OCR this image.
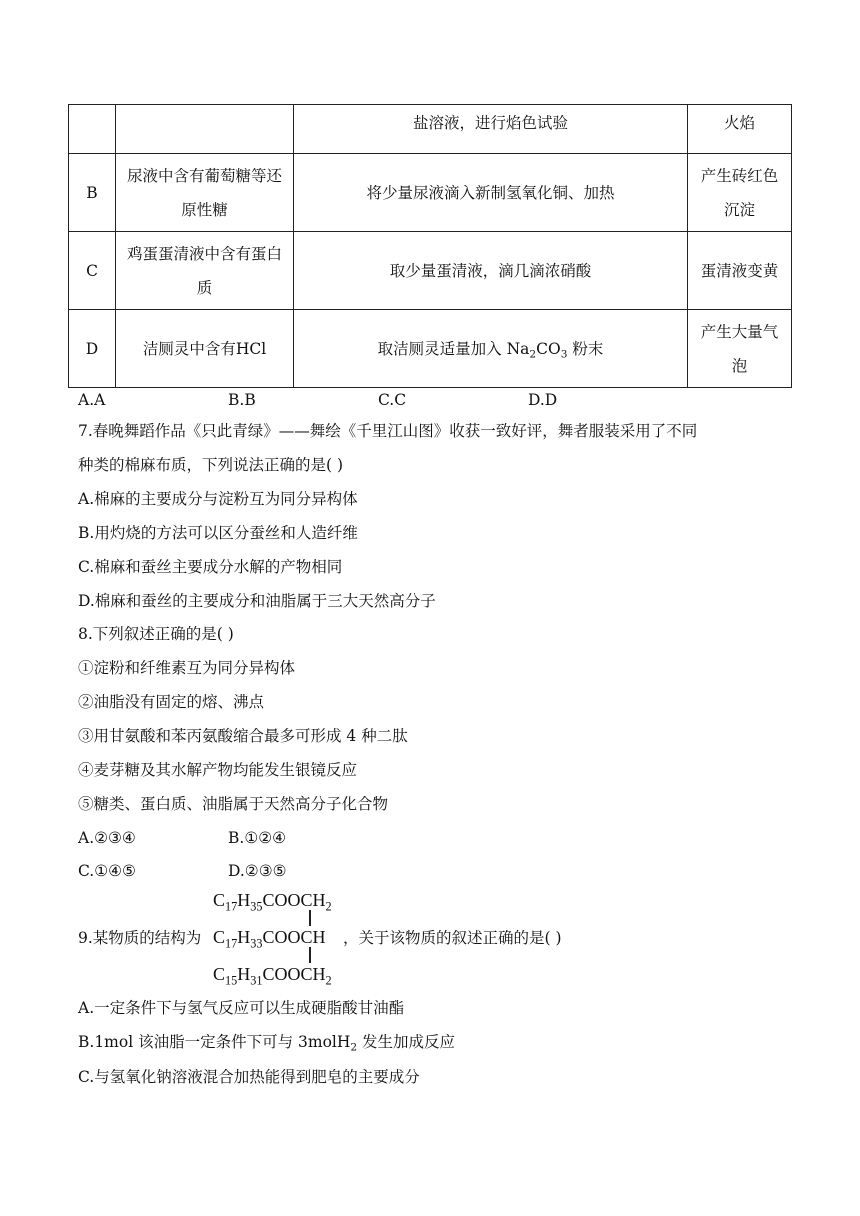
		盐溶液，进行焰色试验	火焰
B	尿液中含有葡萄糖等还原性糖	将少量尿液滴入新制氢氧化铜、加热	产生砖红色沉淀
C	鸡蛋蛋清液中含有蛋白质	取少量蛋清液，滴几滴浓硝酸	蛋清液变黄
D	洁厕灵中含有HCl	取洁厕灵适量加入 $Na_2CO_3$ 粉末	产生大量气泡
A.A	B.B	C.C	D.D
7.春晚舞蹈作品《只此青绿》——舞绘《千里江山图》收获一致好评，舞者服装采用了不同
种类的棉麻布质，下列说法正确的是( )
A.棉麻的主要成分与淀粉互为同分异构体
B.用灼烧的方法可以区分蚕丝和人造纤维
C.棉麻和蚕丝主要成分水解的产物相同
D.棉麻和蚕丝的主要成分和油脂属于三大天然高分子
8.下列叙述正确的是( )
①淀粉和纤维素互为同分异构体
②油脂没有固定的熔、沸点
③用甘氨酸和苯丙氨酸缩合最多可形成 4 种二肽
④麦芽糖及其水解产物均能发生银镜反应
⑤糖类、蛋白质、油脂属于天然高分子化合物
A.②③④	B.①②④
C.①④⑤	D.②③⑤
$C_{17}H_{35}COOCH_2$
$C_{17}H_{33}COOCH$
$C_{15}H_{31}COOCH_2$
9.某物质的结构为	，关于该物质的叙述正确的是( )
A.一定条件下与氢气反应可以生成硬脂酸甘油酯
B.1mol 该油脂一定条件下可与 3molH$_2$ 发生加成反应
C.与氢氧化钠溶液混合加热能得到肥皂的主要成分
